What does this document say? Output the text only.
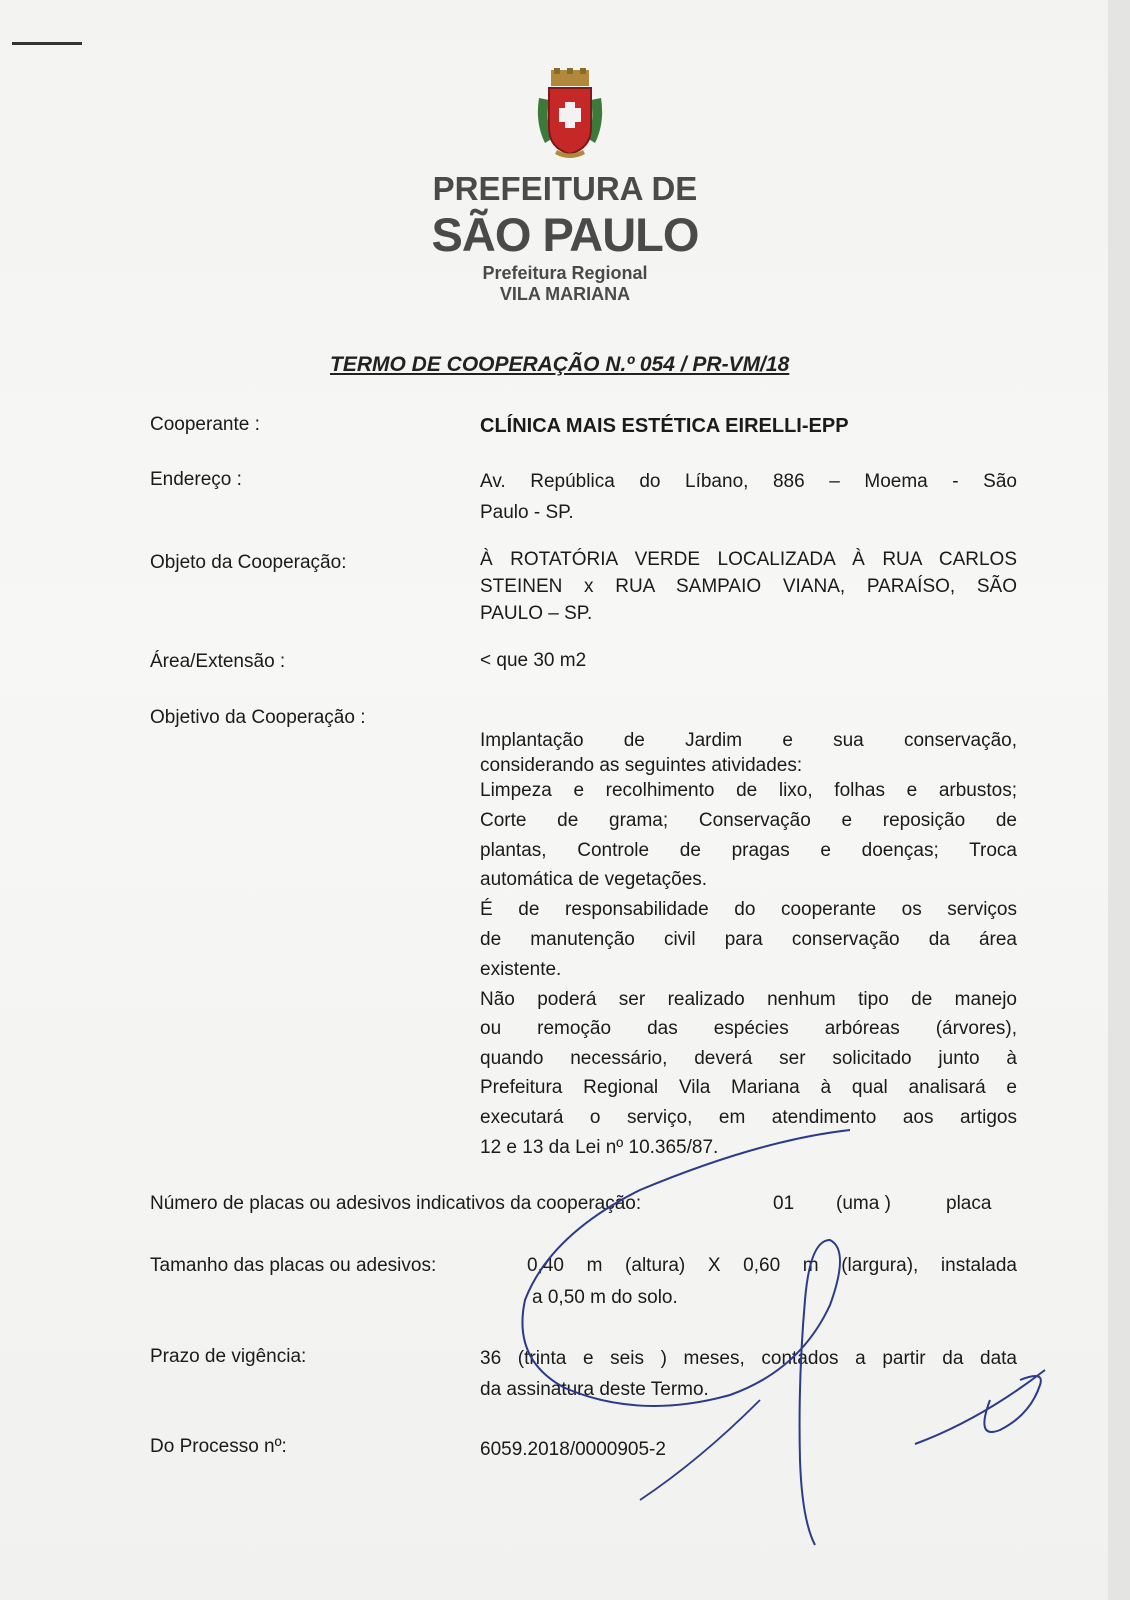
PREFEITURA DE
SÃO PAULO
Prefeitura Regional
VILA MARIANA
TERMO DE COOPERAÇÃO N.º 054 / PR-VM/18
Cooperante :	CLÍNICA MAIS ESTÉTICA EIRELLI-EPP
Endereço :	Av. República do Líbano, 886 – Moema - São
Paulo - SP.
Objeto da Cooperação:	À ROTATÓRIA VERDE LOCALIZADA À RUA CARLOS
STEINEN x RUA SAMPAIO VIANA, PARAÍSO, SÃO
PAULO – SP.
Área/Extensão :	< que 30 m2
Objetivo da Cooperação :
Implantação de Jardim e sua conservação,
considerando as seguintes atividades:
Limpeza e recolhimento de lixo, folhas e arbustos;
Corte de grama; Conservação e reposição de
plantas, Controle de pragas e doenças; Troca
automática de vegetações.
É de responsabilidade do cooperante os serviços
de manutenção civil para conservação da área
existente.
Não poderá ser realizado nenhum tipo de manejo
ou remoção das espécies arbóreas (árvores),
quando necessário, deverá ser solicitado junto à
Prefeitura Regional Vila Mariana à qual analisará e
executará o serviço, em atendimento aos artigos
12 e 13 da Lei nº 10.365/87.
Número de placas ou adesivos indicativos da cooperação:	01 (uma )	placa
Tamanho das placas ou adesivos:	0,40 m (altura) X 0,60 m (largura), instalada
a 0,50 m do solo.
Prazo de vigência:	36 (trinta e seis ) meses, contados a partir da data
da assinatura deste Termo.
Do Processo nº:	6059.2018/0000905-2
